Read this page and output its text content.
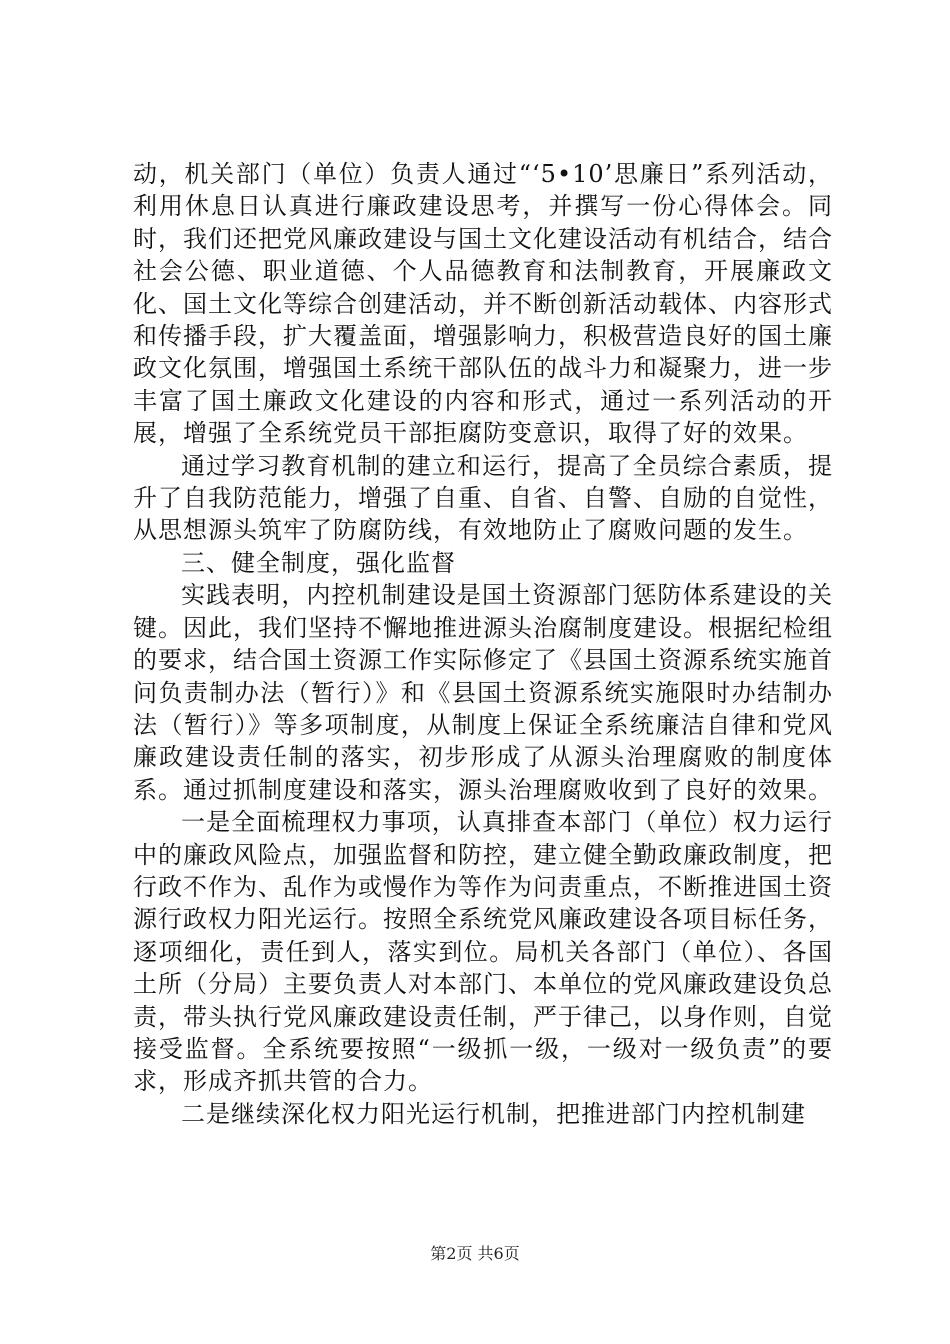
动，机关部门（单位）负责人通过“‘5•10’思廉日”系列活动，利用休息日认真进行廉政建设思考，并撰写一份心得体会。同时，我们还把党风廉政建设与国土文化建设活动有机结合，结合社会公德、职业道德、个人品德教育和法制教育，开展廉政文化、国土文化等综合创建活动，并不断创新活动载体、内容形式和传播手段，扩大覆盖面，增强影响力，积极营造良好的国土廉政文化氛围，增强国土系统干部队伍的战斗力和凝聚力，进一步丰富了国土廉政文化建设的内容和形式，通过一系列活动的开展，增强了全系统党员干部拒腐防变意识，取得了好的效果。

通过学习教育机制的建立和运行，提高了全员综合素质，提升了自我防范能力，增强了自重、自省、自警、自励的自觉性，从思想源头筑牢了防腐防线，有效地防止了腐败问题的发生。

三、健全制度，强化监督

实践表明，内控机制建设是国土资源部门惩防体系建设的关键。因此，我们坚持不懈地推进源头治腐制度建设。根据纪检组的要求，结合国土资源工作实际修定了《县国土资源系统实施首问负责制办法（暂行）》和《县国土资源系统实施限时办结制办法（暂行）》等多项制度，从制度上保证全系统廉洁自律和党风廉政建设责任制的落实，初步形成了从源头治理腐败的制度体系。通过抓制度建设和落实，源头治理腐败收到了良好的效果。

一是全面梳理权力事项，认真排查本部门（单位）权力运行中的廉政风险点，加强监督和防控，建立健全勤政廉政制度，把行政不作为、乱作为或慢作为等作为问责重点，不断推进国土资源行政权力阳光运行。按照全系统党风廉政建设各项目标任务，逐项细化，责任到人，落实到位。局机关各部门（单位）、各国土所（分局）主要负责人对本部门、本单位的党风廉政建设负总责，带头执行党风廉政建设责任制，严于律己，以身作则，自觉接受监督。全系统要按照“一级抓一级，一级对一级负责”的要求，形成齐抓共管的合力。

二是继续深化权力阳光运行机制，把推进部门内控机制建

第2页 共6页
